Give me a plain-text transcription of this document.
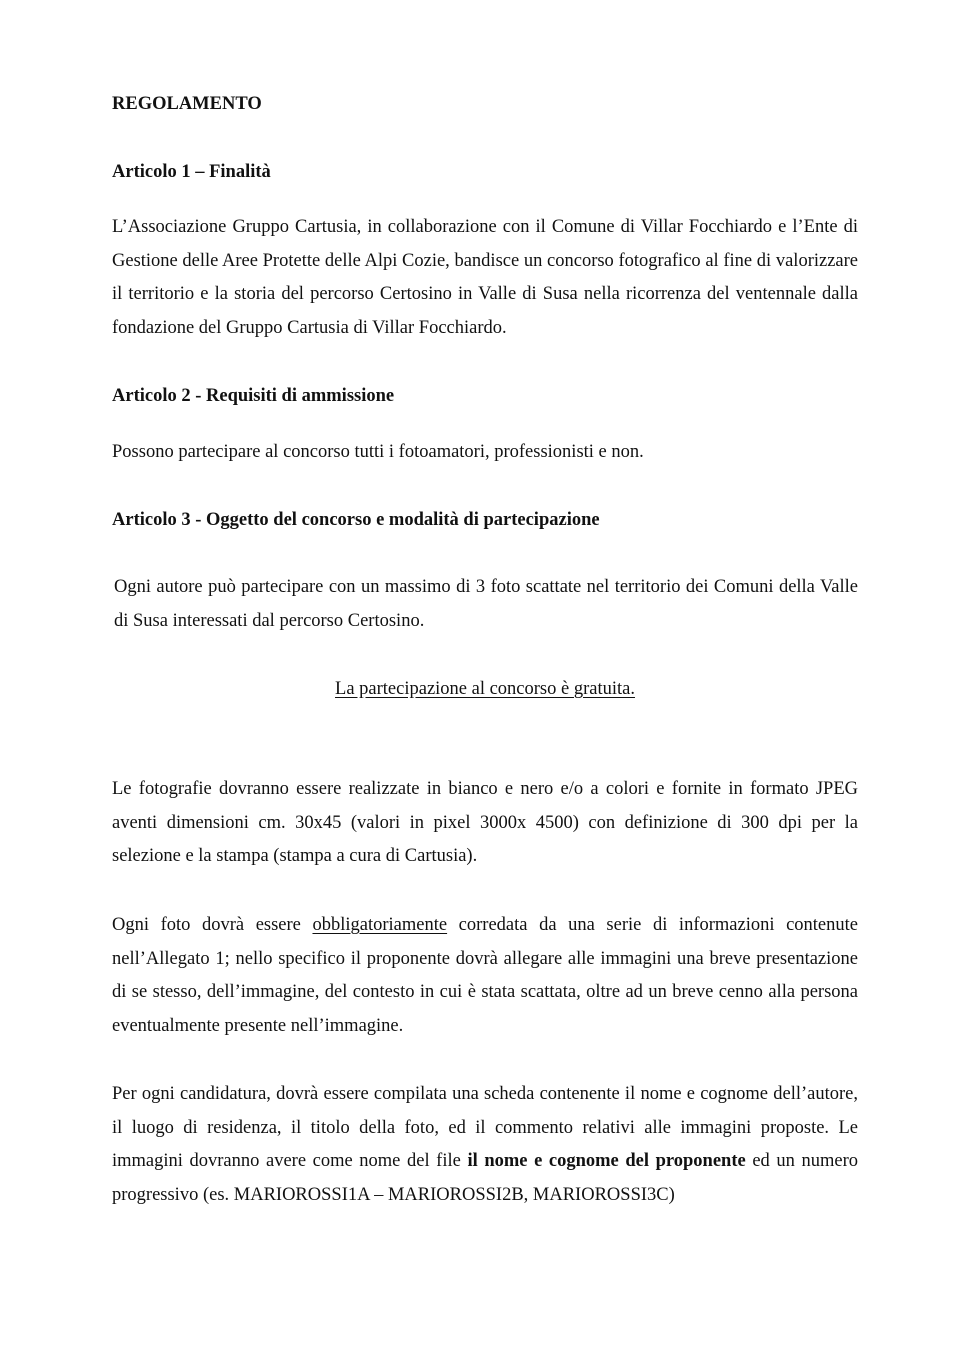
REGOLAMENTO
Articolo 1 – Finalità

L’Associazione Gruppo Cartusia, in collaborazione con il Comune di Villar Focchiardo e l’Ente di Gestione delle Aree Protette delle Alpi Cozie, bandisce un concorso fotografico al fine di valorizzare il territorio e la storia del percorso Certosino in Valle di Susa nella ricorrenza del ventennale dalla fondazione del Gruppo Cartusia di Villar Focchiardo.

Articolo 2 - Requisiti di ammissione

Possono partecipare al concorso tutti i fotoamatori, professionisti e non.

Articolo 3 - Oggetto del concorso e modalità di partecipazione

Ogni autore può partecipare con un massimo di 3 foto scattate nel territorio dei Comuni della Valle di Susa interessati dal percorso Certosino.

La partecipazione al concorso è gratuita.

Le fotografie dovranno essere realizzate in bianco e nero e/o a colori e fornite in formato JPEG aventi dimensioni cm. 30x45 (valori in pixel 3000x 4500) con definizione di 300 dpi per la selezione e la stampa (stampa a cura di Cartusia).

Ogni foto dovrà essere obbligatoriamente corredata da una serie di informazioni contenute nell’Allegato 1; nello specifico il proponente dovrà allegare alle immagini una breve presentazione di se stesso, dell’immagine, del contesto in cui è stata scattata, oltre ad un breve cenno alla persona eventualmente presente nell’immagine.

Per ogni candidatura, dovrà essere compilata una scheda contenente il nome e cognome dell’autore, il luogo di residenza, il titolo della foto, ed il commento relativi alle immagini proposte. Le immagini dovranno avere come nome del file il nome e cognome del proponente ed un numero progressivo (es. MARIOROSSI1A – MARIOROSSI2B, MARIOROSSI3C)
